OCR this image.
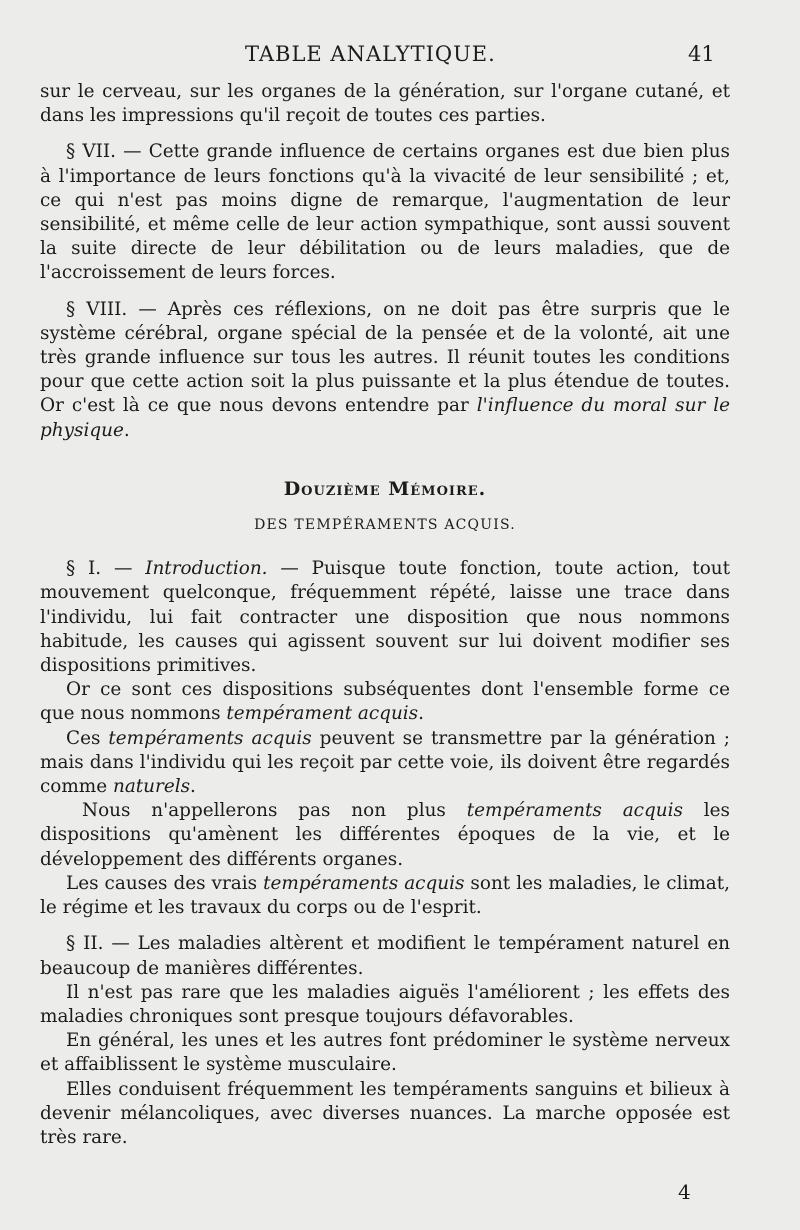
TABLE ANALYTIQUE.	41

sur le cerveau, sur les organes de la génération, sur l'organe cutané, et dans les impressions qu'il reçoit de toutes ces parties.

§ VII. — Cette grande influence de certains organes est due bien plus à l'importance de leurs fonctions qu'à la vivacité de leur sensibilité ; et, ce qui n'est pas moins digne de remarque, l'augmentation de leur sensibilité, et même celle de leur action sympathique, sont aussi souvent la suite directe de leur débilitation ou de leurs maladies, que de l'accroissement de leurs forces.

§ VIII. — Après ces réflexions, on ne doit pas être surpris que le système cérébral, organe spécial de la pensée et de la volonté, ait une très grande influence sur tous les autres. Il réunit toutes les conditions pour que cette action soit la plus puissante et la plus étendue de toutes. Or c'est là ce que nous devons entendre par l'influence du moral sur le physique.

Douzième Mémoire.
DES TEMPÉRAMENTS ACQUIS.

§ I. — Introduction. — Puisque toute fonction, toute action, tout mouvement quelconque, fréquemment répété, laisse une trace dans l'individu, lui fait contracter une disposition que nous nommons habitude, les causes qui agissent souvent sur lui doivent modifier ses dispositions primitives.

Or ce sont ces dispositions subséquentes dont l'ensemble forme ce que nous nommons tempérament acquis.

Ces tempéraments acquis peuvent se transmettre par la génération ; mais dans l'individu qui les reçoit par cette voie, ils doivent être regardés comme naturels.

Nous n'appellerons pas non plus tempéraments acquis les dispositions qu'amènent les différentes époques de la vie, et le développement des différents organes.

Les causes des vrais tempéraments acquis sont les maladies, le climat, le régime et les travaux du corps ou de l'esprit.

§ II. — Les maladies altèrent et modifient le tempérament naturel en beaucoup de manières différentes.

Il n'est pas rare que les maladies aiguës l'améliorent ; les effets des maladies chroniques sont presque toujours défavorables.

En général, les unes et les autres font prédominer le système nerveux et affaiblissent le système musculaire.

Elles conduisent fréquemment les tempéraments sanguins et bilieux à devenir mélancoliques, avec diverses nuances. La marche opposée est très rare.

4
